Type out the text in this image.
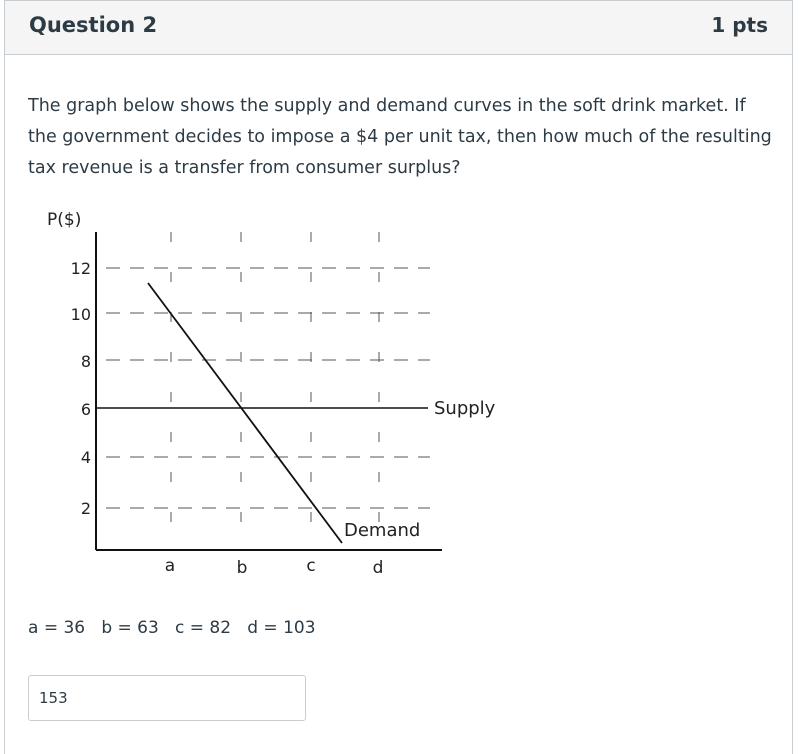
Question 2	1 pts
The graph below shows the supply and demand curves in the soft drink market. If the government decides to impose a $4 per unit tax, then how much of the resulting tax revenue is a transfer from consumer surplus?
P($)
12
10
8
6
4
2
Supply
Demand
a	b	c	d
a = 36   b = 63   c = 82   d = 103
153
